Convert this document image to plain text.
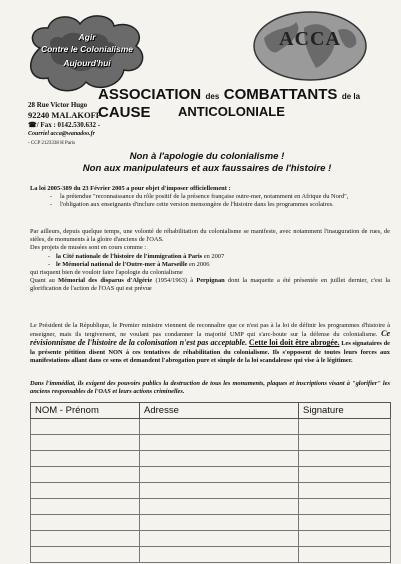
Agir
Contre le Colonialisme
Aujourd'hui
ACCA
ASSOCIATION des COMBATTANTS de la CAUSE	ANTICOLONIALE
28 Rue Victor Hugo
92240 MALAKOFF
☎/ Fax : 0142.530.632 -
Courriel acca@wanadoo.fr
- CCP 2123338 H Paris
Non à l'apologie du colonialisme !
Non aux manipulateurs et aux faussaires de l'histoire !
La loi 2005-389 du 23 Février 2005 a pour objet d'imposer officiellement :
- la prétendue "reconnaissance du rôle positif de la présence française outre-mer, notamment en Afrique du Nord",
- l'obligation aux enseignants d'inclure cette version mensongère de l'histoire dans les programmes scolaires.
Par ailleurs, depuis quelque temps, une volonté de réhabilitation du colonialisme se manifeste, avec notamment l'inauguration de rues, de stèles, de monuments à la gloire d'anciens de l'OAS.
Des projets de musées sont en cours comme :
- la Cité nationale de l'histoire de l'immigration à Paris en 2007
- le Mémorial national de l'Outre-mer à Marseille en 2006
qui risquent bien de vouloir faire l'apologie du colonialisme
Quant au Mémorial des disparus d'Algérie (1954/1963) à Perpignan dont la maquette a été présentée en juillet dernier, c'est la glorification de l'action de l'OAS qui est prévue
Le Président de la République, le Premier ministre viennent de reconnaître que ce n'est pas à la loi de définir les programmes d'histoire à enseigner, mais ils tergiversent, ne voulant pas condamner la majorité UMP qui s'arc-boute sur la défense du colonialisme. Ce révisionnisme de l'histoire de la colonisation n'est pas acceptable. Cette loi doit être abrogée. Les signataires de la présente pétition disent NON à ces tentatives de réhabilitation du colonialisme. Ils s'opposent de toutes leurs forces aux manifestations allant dans ce sens et demandent l'abrogation pure et simple de la loi scandaleuse qui vise à le légitimer.
Dans l'immédiat, ils exigent des pouvoirs publics la destruction de tous les monuments, plaques et inscriptions visant à "glorifier" les anciens responsables de l'OAS et leurs actions criminelles.
NOM - Prénom	Adresse	Signature
